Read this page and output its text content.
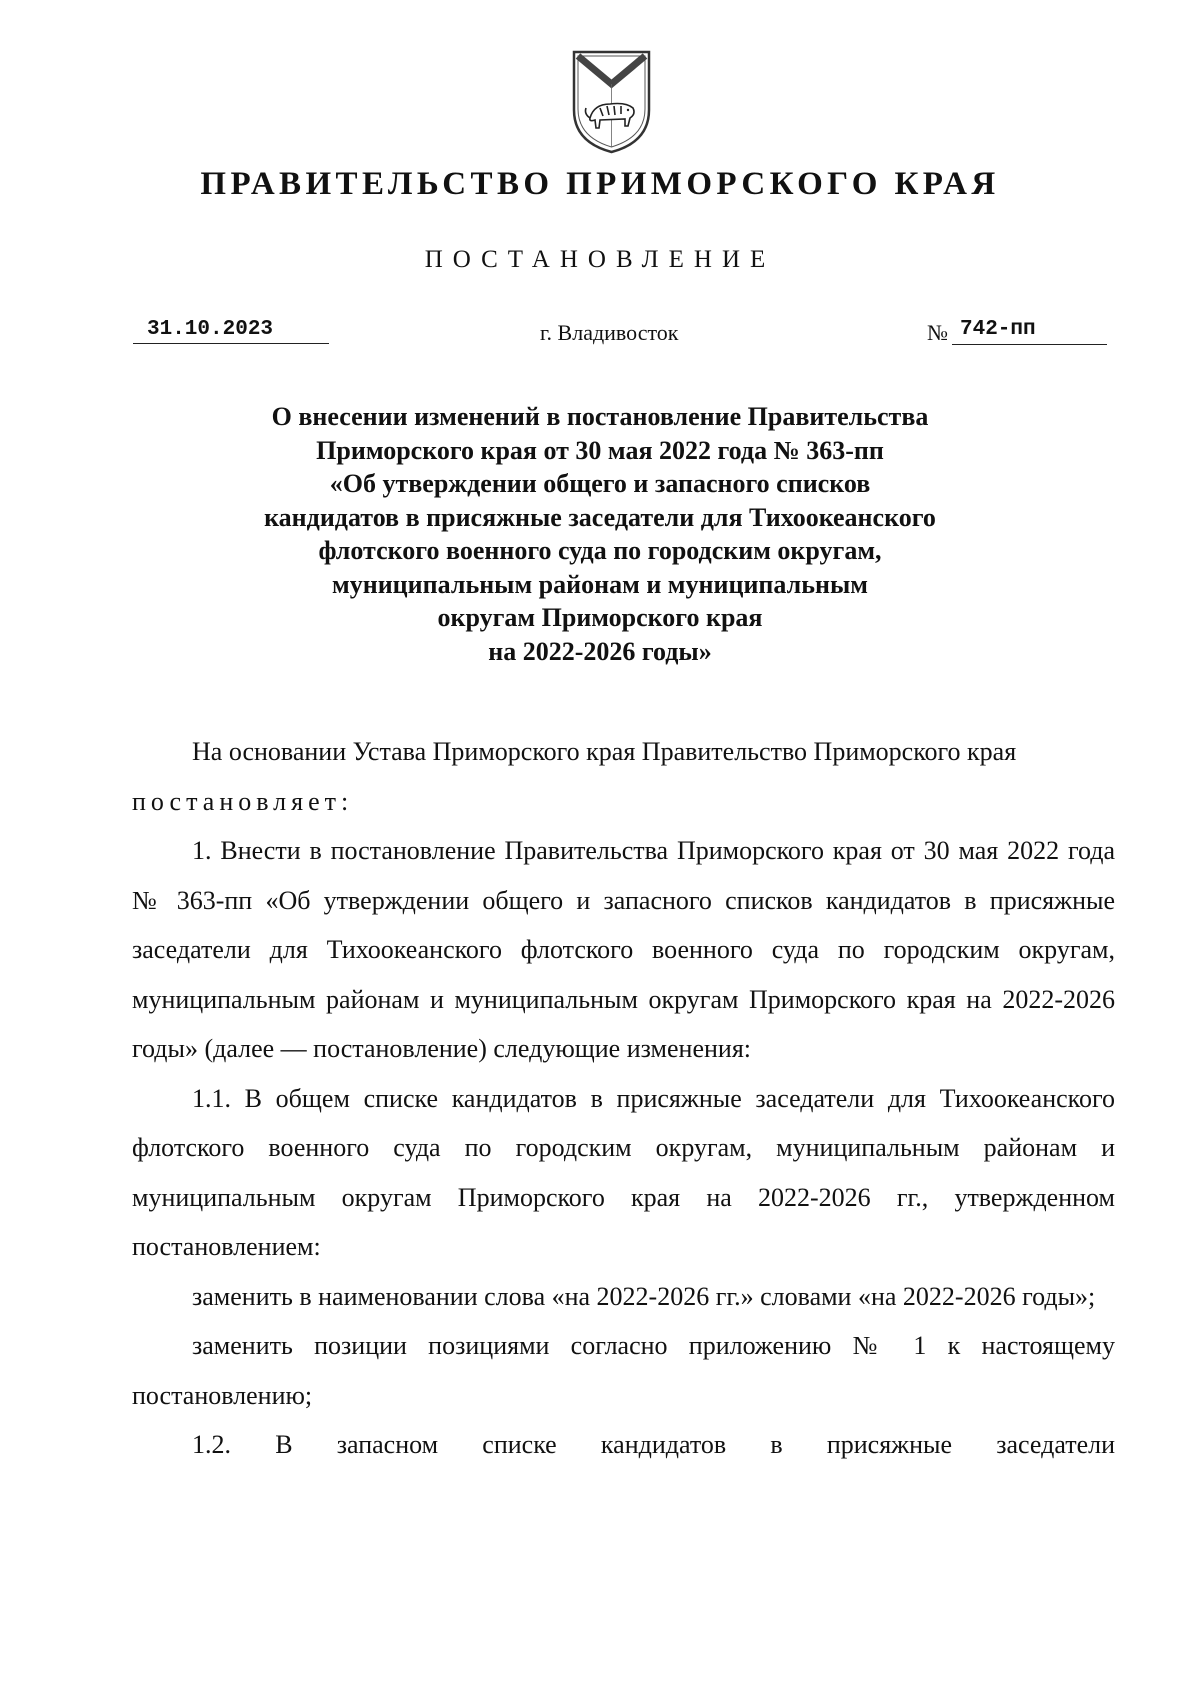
ПРАВИТЕЛЬСТВО ПРИМОРСКОГО КРАЯ
ПОСТАНОВЛЕНИЕ
31.10.2023	г. Владивосток	№ 742-пп
О внесении изменений в постановление Правительства
Приморского края от 30 мая 2022 года № 363-пп
«Об утверждении общего и запасного списков
кандидатов в присяжные заседатели для Тихоокеанского
флотского военного суда по городским округам,
муниципальным районам и муниципальным
округам Приморского края
на 2022-2026 годы»

На основании Устава Приморского края Правительство Приморского края

постановляет:

1. Внести в постановление Правительства Приморского края от 30 мая 2022 года № 363-пп «Об утверждении общего и запасного списков кандидатов в присяжные заседатели для Тихоокеанского флотского военного суда по городским округам, муниципальным районам и муниципальным округам Приморского края на 2022-2026 годы» (далее — постановление) следующие изменения:

1.1. В общем списке кандидатов в присяжные заседатели для Тихоокеанского флотского военного суда по городским округам, муниципальным районам и муниципальным округам Приморского края на 2022-2026 гг., утвержденном постановлением:

заменить в наименовании слова «на 2022-2026 гг.» словами «на 2022-2026 годы»;

заменить позиции позициями согласно приложению № 1 к настоящему постановлению;

1.2. В запасном списке кандидатов в присяжные заседатели
